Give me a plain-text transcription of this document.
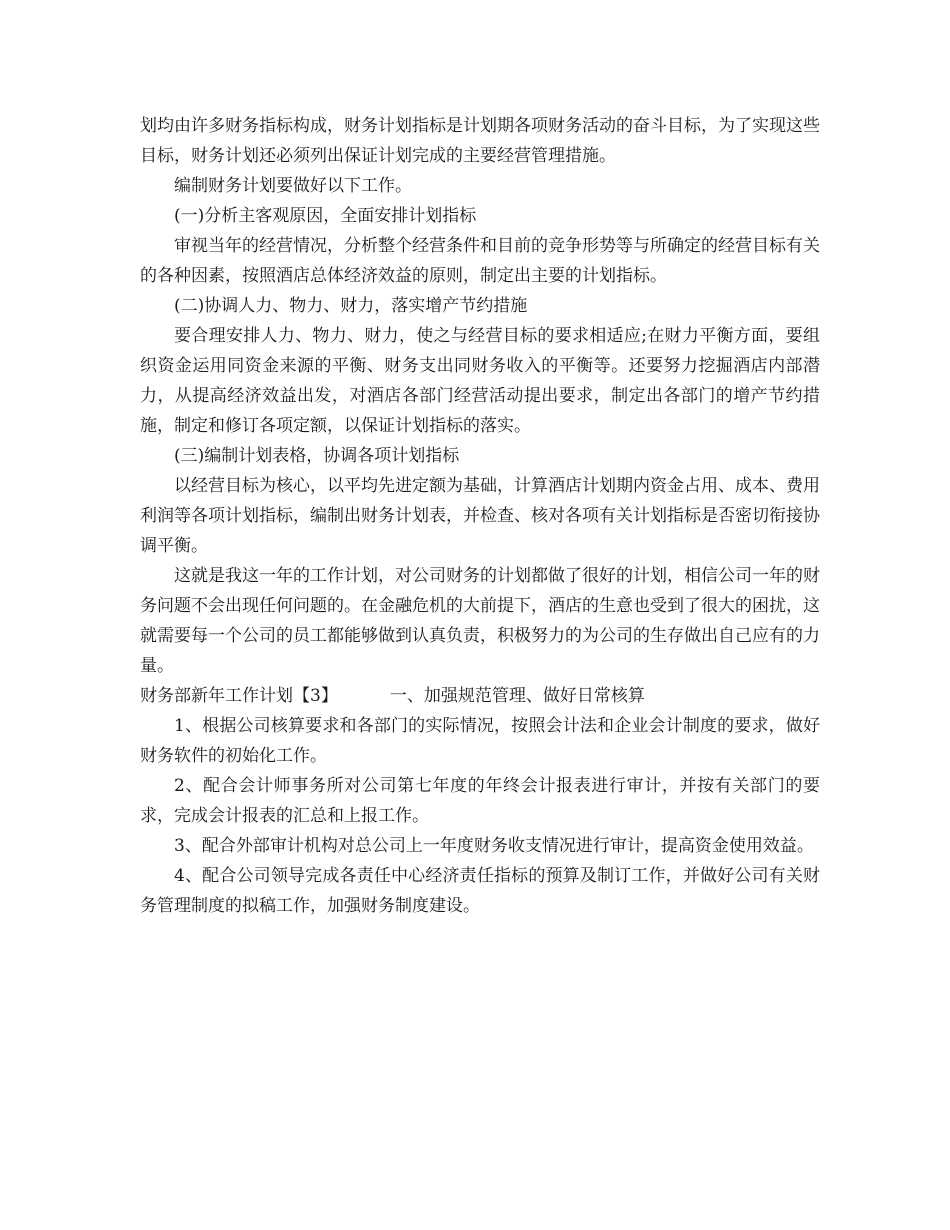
划均由许多财务指标构成，财务计划指标是计划期各项财务活动的奋斗目标，为了实现这些目标，财务计划还必须列出保证计划完成的主要经营管理措施。

编制财务计划要做好以下工作。

(一)分析主客观原因，全面安排计划指标

审视当年的经营情况，分析整个经营条件和目前的竞争形势等与所确定的经营目标有关的各种因素，按照酒店总体经济效益的原则，制定出主要的计划指标。

(二)协调人力、物力、财力，落实增产节约措施

要合理安排人力、物力、财力，使之与经营目标的要求相适应;在财力平衡方面，要组织资金运用同资金来源的平衡、财务支出同财务收入的平衡等。还要努力挖掘酒店内部潜力，从提高经济效益出发，对酒店各部门经营活动提出要求，制定出各部门的增产节约措施，制定和修订各项定额，以保证计划指标的落实。

(三)编制计划表格，协调各项计划指标

以经营目标为核心，以平均先进定额为基础，计算酒店计划期内资金占用、成本、费用利润等各项计划指标，编制出财务计划表，并检查、核对各项有关计划指标是否密切衔接协调平衡。

这就是我这一年的工作计划，对公司财务的计划都做了很好的计划，相信公司一年的财务问题不会出现任何问题的。在金融危机的大前提下，酒店的生意也受到了很大的困扰，这就需要每一个公司的员工都能够做到认真负责，积极努力的为公司的生存做出自己应有的力量。

财务部新年工作计划【3】	一、加强规范管理、做好日常核算

1、根据公司核算要求和各部门的实际情况，按照会计法和企业会计制度的要求，做好财务软件的初始化工作。

2、配合会计师事务所对公司第七年度的年终会计报表进行审计，并按有关部门的要求，完成会计报表的汇总和上报工作。

3、配合外部审计机构对总公司上一年度财务收支情况进行审计，提高资金使用效益。

4、配合公司领导完成各责任中心经济责任指标的预算及制订工作，并做好公司有关财务管理制度的拟稿工作，加强财务制度建设。
